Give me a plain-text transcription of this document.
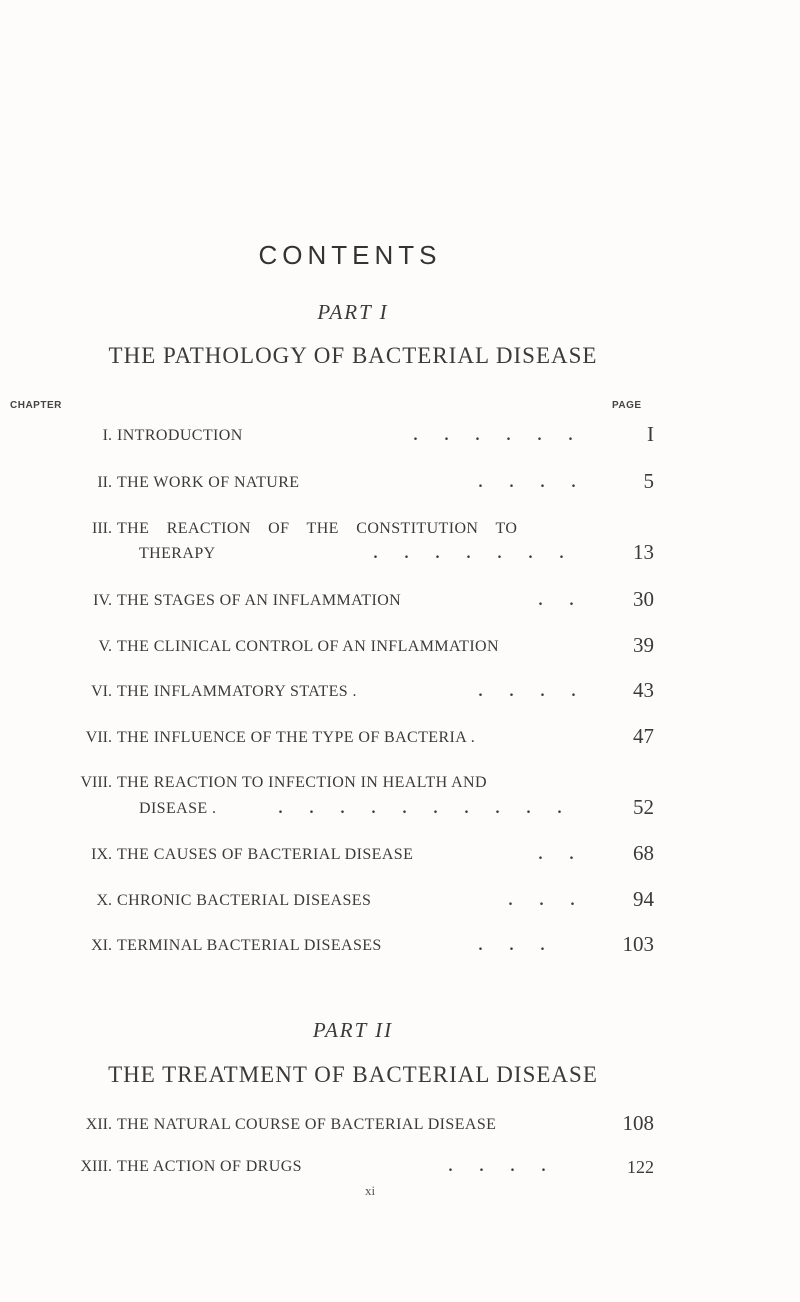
CONTENTS
PART I
THE PATHOLOGY OF BACTERIAL DISEASE
CHAPTER	PAGE
I. INTRODUCTION	. . . . . .	I
II. THE WORK OF NATURE	. . . .	5
III. THE REACTION OF THE CONSTITUTION TO
THERAPY	. . . . . . .	13
IV. THE STAGES OF AN INFLAMMATION	. .	30
V. THE CLINICAL CONTROL OF AN INFLAMMATION	39
VI. THE INFLAMMATORY STATES .	. . . .	43
VII. THE INFLUENCE OF THE TYPE OF BACTERIA .	47
VIII. THE REACTION TO INFECTION IN HEALTH AND
DISEASE .	. . . . . . . . . .	52
IX. THE CAUSES OF BACTERIAL DISEASE	. .	68
X. CHRONIC BACTERIAL DISEASES	. . .	94
XI. TERMINAL BACTERIAL DISEASES	. . .	103
PART II
THE TREATMENT OF BACTERIAL DISEASE
XII. THE NATURAL COURSE OF BACTERIAL DISEASE	108
XIII. THE ACTION OF DRUGS	. . . .	122
xi
